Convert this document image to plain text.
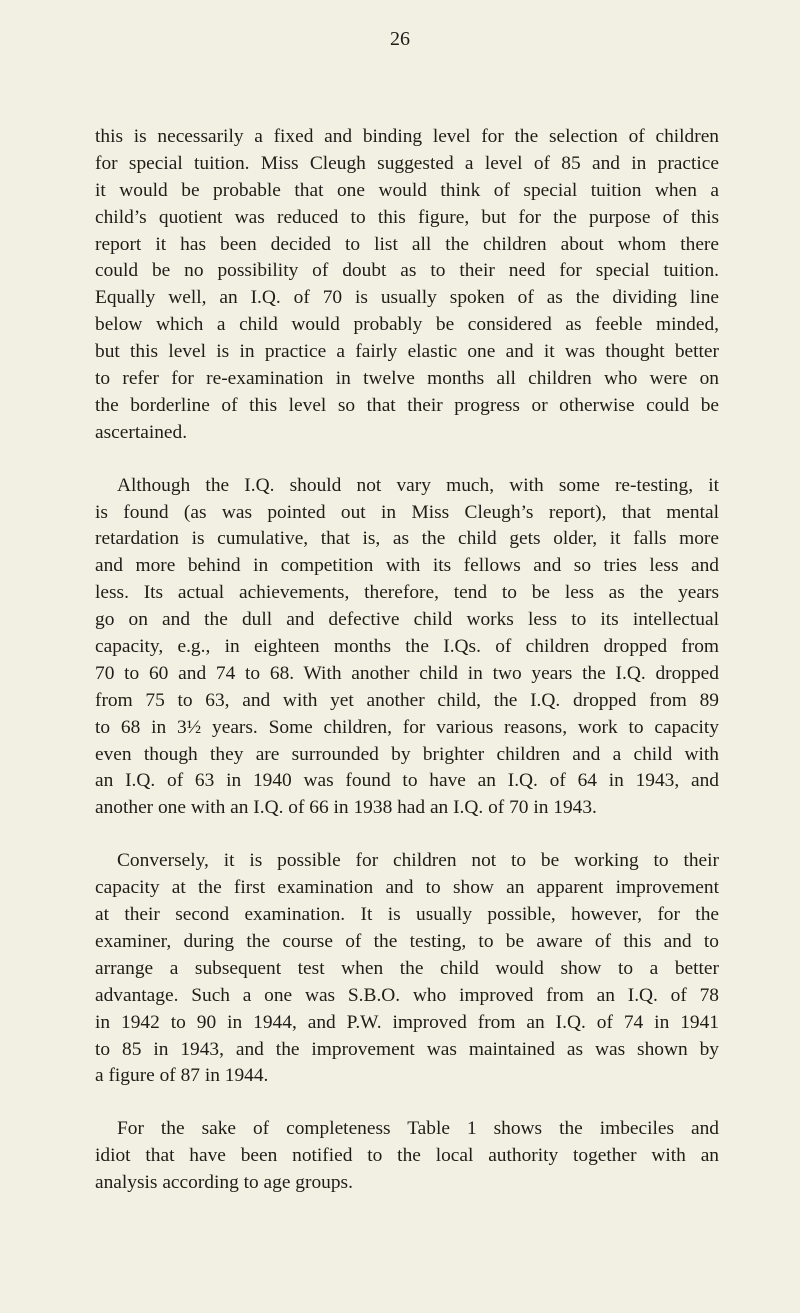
26
this is necessarily a fixed and binding level for the selection of children
for special tuition. Miss Cleugh suggested a level of 85 and in practice
it would be probable that one would think of special tuition when a
child’s quotient was reduced to this figure, but for the purpose of this
report it has been decided to list all the children about whom there
could be no possibility of doubt as to their need for special tuition.
Equally well, an I.Q. of 70 is usually spoken of as the dividing line
below which a child would probably be considered as feeble minded,
but this level is in practice a fairly elastic one and it was thought better
to refer for re-examination in twelve months all children who were on
the borderline of this level so that their progress or otherwise could be
ascertained.
Although the I.Q. should not vary much, with some re-testing, it
is found (as was pointed out in Miss Cleugh’s report), that mental
retardation is cumulative, that is, as the child gets older, it falls more
and more behind in competition with its fellows and so tries less and
less. Its actual achievements, therefore, tend to be less as the years
go on and the dull and defective child works less to its intellectual
capacity, e.g., in eighteen months the I.Qs. of children dropped from
70 to 60 and 74 to 68. With another child in two years the I.Q. dropped
from 75 to 63, and with yet another child, the I.Q. dropped from 89
to 68 in 3½ years. Some children, for various reasons, work to capacity
even though they are surrounded by brighter children and a child with
an I.Q. of 63 in 1940 was found to have an I.Q. of 64 in 1943, and
another one with an I.Q. of 66 in 1938 had an I.Q. of 70 in 1943.
Conversely, it is possible for children not to be working to their
capacity at the first examination and to show an apparent improvement
at their second examination. It is usually possible, however, for the
examiner, during the course of the testing, to be aware of this and to
arrange a subsequent test when the child would show to a better
advantage. Such a one was S.B.O. who improved from an I.Q. of 78
in 1942 to 90 in 1944, and P.W. improved from an I.Q. of 74 in 1941
to 85 in 1943, and the improvement was maintained as was shown by
a figure of 87 in 1944.
For the sake of completeness Table 1 shows the imbeciles and
idiot that have been notified to the local authority together with an
analysis according to age groups.
